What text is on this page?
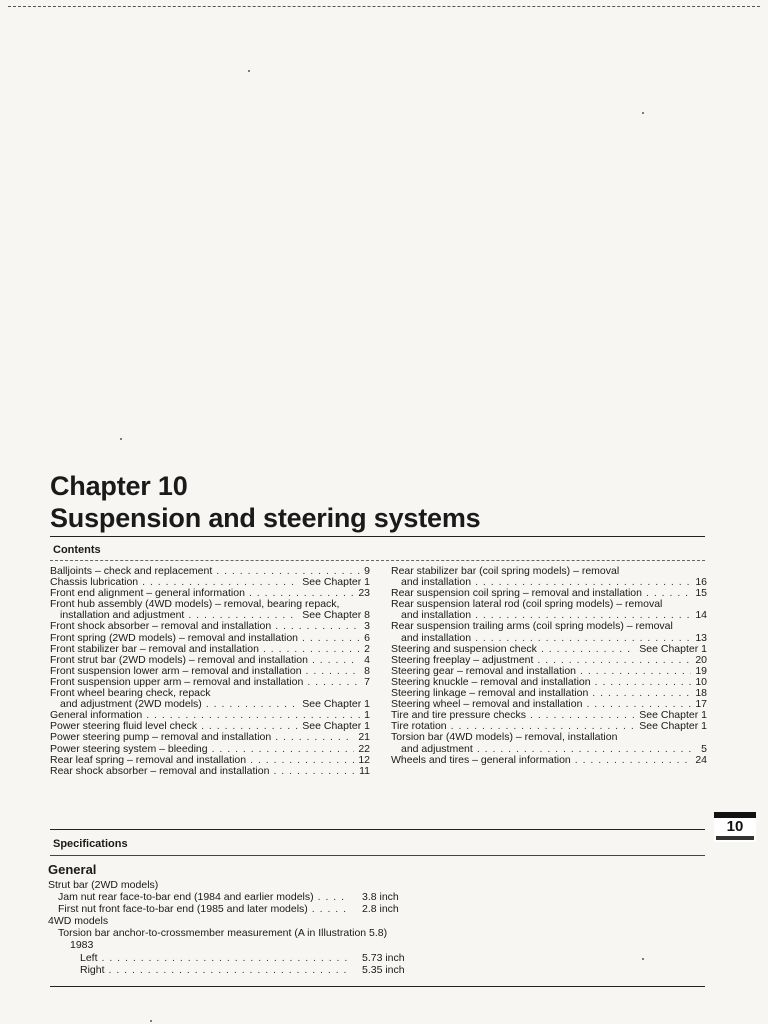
Chapter 10
Suspension and steering systems
Contents
Balljoints – check and replacement . . .	9
Chassis lubrication . . .	See Chapter 1
Front end alignment – general information . . .	23
Front hub assembly (4WD models) – removal, bearing repack,
installation and adjustment . . .	See Chapter 8
Front shock absorber – removal and installation . . .	3
Front spring (2WD models) – removal and installation . . .	6
Front stabilizer bar – removal and installation . . .	2
Front strut bar (2WD models) – removal and installation . . .	4
Front suspension lower arm – removal and installation . . .	8
Front suspension upper arm – removal and installation . . .	7
Front wheel bearing check, repack
and adjustment (2WD models) . . .	See Chapter 1
General information . . .	1
Power steering fluid level check . . .	See Chapter 1
Power steering pump – removal and installation . . .	21
Power steering system – bleeding . . .	22
Rear leaf spring – removal and installation . . .	12
Rear shock absorber – removal and installation . . .	11
Rear stabilizer bar (coil spring models) – removal
and installation . . .	16
Rear suspension coil spring – removal and installation . . .	15
Rear suspension lateral rod (coil spring models) – removal
and installation . . .	14
Rear suspension trailing arms (coil spring models) – removal
and installation . . .	13
Steering and suspension check . . .	See Chapter 1
Steering freeplay – adjustment . . .	20
Steering gear – removal and installation . . .	19
Steering knuckle – removal and installation . . .	10
Steering linkage – removal and installation . . .	18
Steering wheel – removal and installation . . .	17
Tire and tire pressure checks . . .	See Chapter 1
Tire rotation . . .	See Chapter 1
Torsion bar (4WD models) – removal, installation
and adjustment . . .	5
Wheels and tires – general information . . .	24
10
Specifications
General
Strut bar (2WD models)
Jam nut rear face-to-bar end (1984 and earlier models) . . .	3.8 inch
First nut front face-to-bar end (1985 and later models) . . .	2.8 inch
4WD models
Torsion bar anchor-to-crossmember measurement (A in Illustration 5.8)
1983
Left . . .	5.73 inch
Right . . .	5.35 inch
